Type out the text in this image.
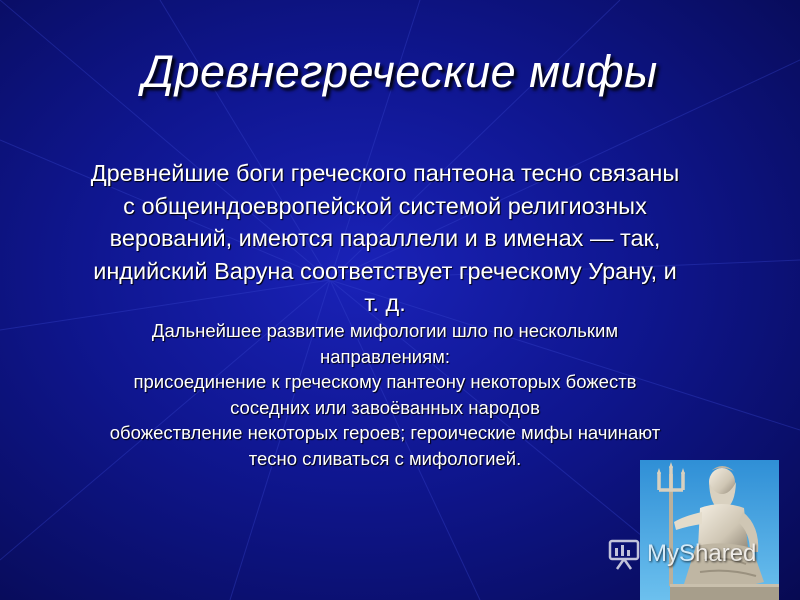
Древнегреческие мифы

Древнейшие боги греческого пантеона тесно связаны
с общеиндоевропейской системой религиозных
верований, имеются параллели и в именах — так,
индийский Варуна соответствует греческому Урану, и
т. д.

Дальнейшее развитие мифологии шло по нескольким
направлениям:
присоединение к греческому пантеону некоторых божеств
соседних или завоёванных народов
обожествление некоторых героев; героические мифы начинают
тесно сливаться с мифологией.

MyShared
